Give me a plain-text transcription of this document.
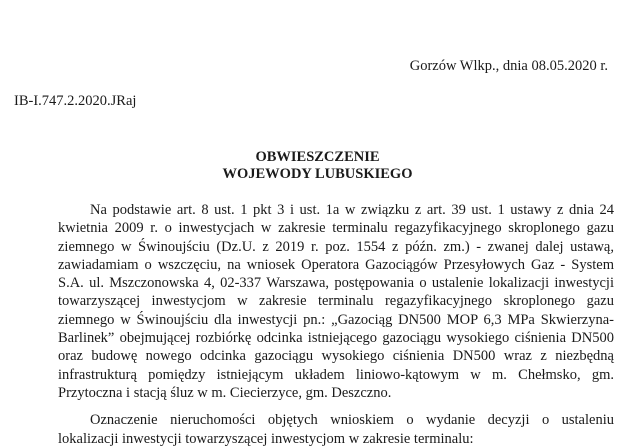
Gorzów Wlkp., dnia 08.05.2020 r.
IB-I.747.2.2020.JRaj
OBWIESZCZENIE
WOJEWODY LUBUSKIEGO
Na podstawie art. 8 ust. 1 pkt 3 i ust. 1a w związku z art. 39 ust. 1 ustawy z dnia 24
kwietnia 2009 r. o inwestycjach w zakresie terminalu regazyfikacyjnego skroplonego gazu
ziemnego w Świnoujściu (Dz.U. z 2019 r. poz. 1554 z późn. zm.) - zwanej dalej ustawą,
zawiadamiam o wszczęciu, na wniosek Operatora Gazociągów Przesyłowych Gaz - System
S.A. ul. Mszczonowska 4, 02-337 Warszawa, postępowania o ustalenie lokalizacji inwestycji
towarzyszącej inwestycjom w zakresie terminalu regazyfikacyjnego skroplonego gazu
ziemnego w Świnoujściu dla inwestycji pn.: „Gazociąg DN500 MOP 6,3 MPa Skwierzyna-
Barlinek” obejmującej rozbiórkę odcinka istniejącego gazociągu wysokiego ciśnienia DN500
oraz budowę nowego odcinka gazociągu wysokiego ciśnienia DN500 wraz z niezbędną
infrastrukturą pomiędzy istniejącym układem liniowo-kątowym w m. Chełmsko, gm.
Przytoczna i stacją śluz w m. Ciecierzyce, gm. Deszczno.
Oznaczenie nieruchomości objętych wnioskiem o wydanie decyzji o ustaleniu
lokalizacji inwestycji towarzyszącej inwestycjom w zakresie terminalu:
